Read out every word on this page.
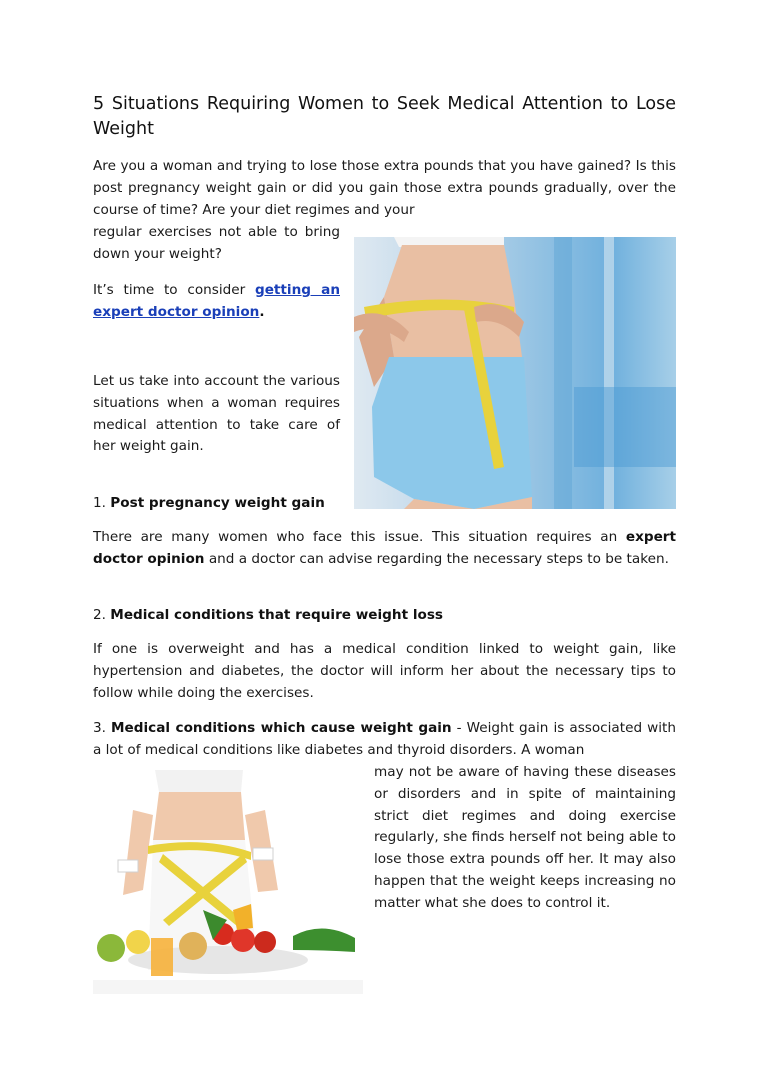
5 Situations Requiring Women to Seek Medical Attention to Lose Weight

Are you a woman and trying to lose those extra pounds that you have gained? Is this post pregnancy weight gain or did you gain those extra pounds gradually, over the course of time? Are your diet regimes and your

regular exercises not able to bring down your weight?

It’s time to consider getting an expert doctor opinion.

Let us take into account the various situations when a woman requires medical attention to take care of her weight gain.

1. Post pregnancy weight gain

There are many women who face this issue. This situation requires an expert doctor opinion and a doctor can advise regarding the necessary steps to be taken.

2. Medical conditions that require weight loss

If one is overweight and has a medical condition linked to weight gain, like hypertension and diabetes, the doctor will inform her about the necessary tips to follow while doing the exercises.

3. Medical conditions which cause weight gain - Weight gain is associated with a lot of medical conditions like diabetes and thyroid disorders. A woman

may not be aware of having these diseases or disorders and in spite of maintaining strict diet regimes and doing exercise regularly, she finds herself not being able to lose those extra pounds off her. It may also happen that the weight keeps increasing no matter what she does to control it.
